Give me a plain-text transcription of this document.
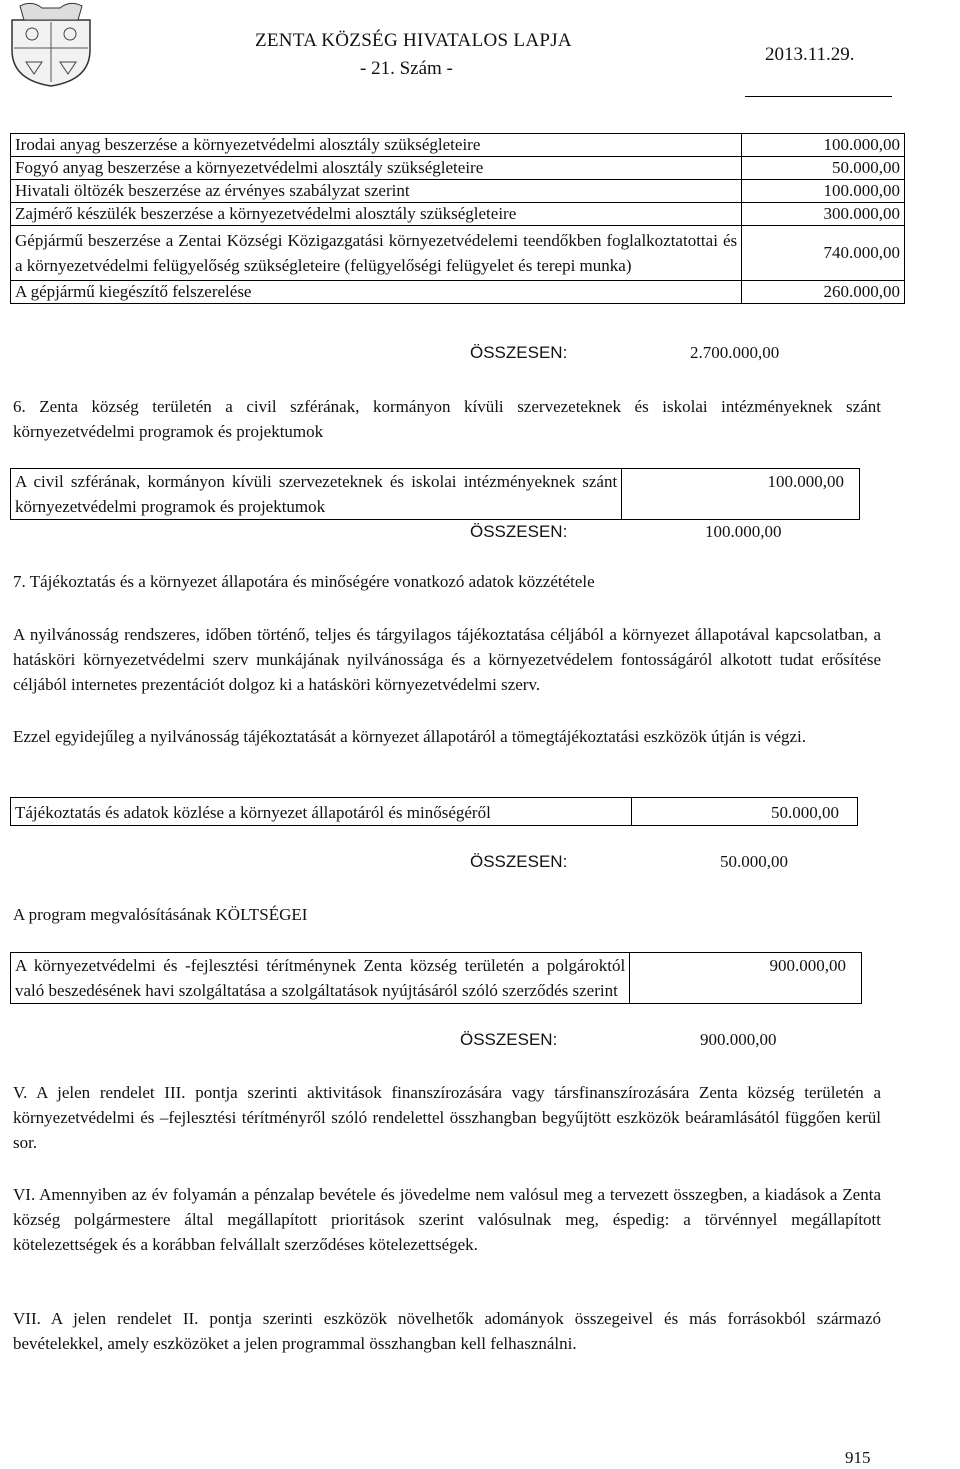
ZENTA KÖZSÉG HIVATALOS LAPJA
- 21. Szám -
2013.11.29.
Irodai anyag beszerzése a környezetvédelmi alosztály szükségleteire	100.000,00
Fogyó anyag beszerzése a környezetvédelmi alosztály szükségleteire	50.000,00
Hivatali öltözék beszerzése az érvényes szabályzat szerint	100.000,00
Zajmérő készülék beszerzése a környezetvédelmi alosztály szükségleteire	300.000,00
Gépjármű beszerzése a Zentai Községi Közigazgatási környezetvédelemi teendőkben foglalkoztatottai és a környezetvédelmi felügyelőség szükségleteire (felügyelőségi felügyelet és terepi munka)	740.000,00
A gépjármű kiegészítő felszerelése	260.000,00
ÖSSZESEN:	2.700.000,00
6. Zenta község területén a civil szférának, kormányon kívüli szervezeteknek és iskolai intézményeknek szánt környezetvédelmi programok és projektumok
A civil szférának, kormányon kívüli szervezeteknek és iskolai intézményeknek szánt környezetvédelmi programok és projektumok	100.000,00
ÖSSZESEN:	100.000,00
7. Tájékoztatás és a környezet állapotára és minőségére vonatkozó adatok közzététele
A nyilvánosság rendszeres, időben történő, teljes és tárgyilagos tájékoztatása céljából a környezet állapotával kapcsolatban, a hatásköri környezetvédelmi szerv munkájának nyilvánossága és a környezetvédelem fontosságáról alkotott tudat erősítése céljából internetes prezentációt dolgoz ki a hatásköri környezetvédelmi szerv.
Ezzel egyidejűleg a nyilvánosság tájékoztatását a környezet állapotáról a tömegtájékoztatási eszközök útján is végzi.
Tájékoztatás és adatok közlése a környezet állapotáról és minőségéről	50.000,00
ÖSSZESEN:	50.000,00
A program megvalósításának KÖLTSÉGEI
A környezetvédelmi és -fejlesztési térítménynek Zenta község területén a polgároktól való beszedésének havi szolgáltatása a szolgáltatások nyújtásáról szóló szerződés szerint	900.000,00
ÖSSZESEN:	900.000,00
V. A jelen rendelet III. pontja szerinti aktivitások finanszírozására vagy társfinanszírozására Zenta község területén a környezetvédelmi és –fejlesztési térítményről szóló rendelettel összhangban begyűjtött eszközök beáramlásától függően kerül sor.
VI. Amennyiben az év folyamán a pénzalap bevétele és jövedelme nem valósul meg a tervezett összegben, a kiadások a Zenta község polgármestere által megállapított prioritások szerint valósulnak meg, éspedig: a törvénnyel megállapított kötelezettségek és a korábban felvállalt szerződéses kötelezettségek.
VII. A jelen rendelet II. pontja szerinti eszközök növelhetők adományok összegeivel és más forrásokból származó bevételekkel, amely eszközöket a jelen programmal összhangban kell felhasználni.
915
